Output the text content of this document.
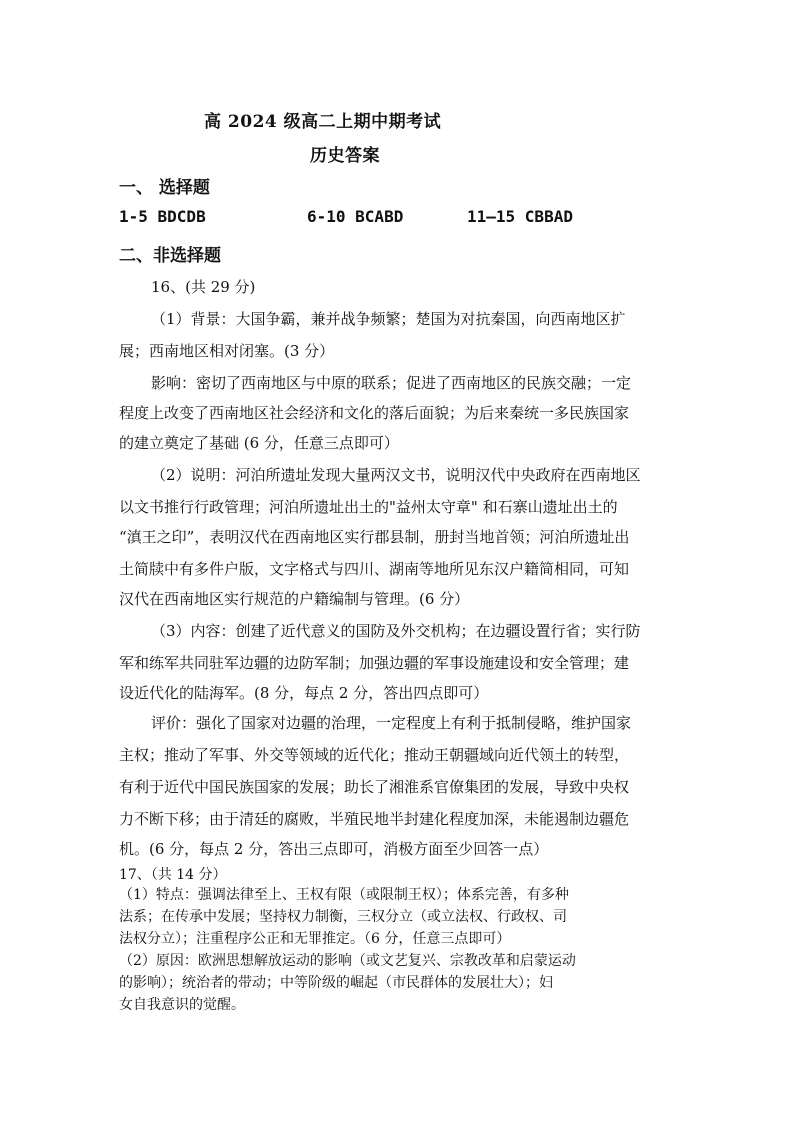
高 2024 级高二上期中期考试
历史答案
一、 选择题
1-5 BDCDB	6-10 BCABD	11—15 CBBAD
二、非选择题
16、(共 29 分)
（1）背景：大国争霸，兼并战争频繁；楚国为对抗秦国，向西南地区扩
展；西南地区相对闭塞。(3 分）
影响：密切了西南地区与中原的联系；促进了西南地区的民族交融；一定
程度上改变了西南地区社会经济和文化的落后面貌；为后来秦统一多民族国家
的建立奠定了基础 (6 分，任意三点即可）
（2）说明：河泊所遗址发现大量两汉文书，说明汉代中央政府在西南地区
以文书推行行政管理；河泊所遗址出土的"益州太守章" 和石寨山遗址出土的
“滇王之印”，表明汉代在西南地区实行郡县制，册封当地首领；河泊所遗址出
土简牍中有多件户版，文字格式与四川、湖南等地所见东汉户籍简相同，可知
汉代在西南地区实行规范的户籍编制与管理。(6 分）
（3）内容：创建了近代意义的国防及外交机构；在边疆设置行省；实行防
军和练军共同驻军边疆的边防军制；加强边疆的军事设施建设和安全管理；建
设近代化的陆海军。(8 分，每点 2 分，答出四点即可）
评价：强化了国家对边疆的治理，一定程度上有利于抵制侵略，维护国家
主权；推动了军事、外交等领域的近代化；推动王朝疆域向近代领土的转型，
有利于近代中国民族国家的发展；助长了湘淮系官僚集团的发展，导致中央权
力不断下移；由于清廷的腐败，半殖民地半封建化程度加深，未能遏制边疆危
机。(6 分，每点 2 分，答出三点即可，消极方面至少回答一点）
17、（共 14 分）
（1）特点：强调法律至上、王权有限（或限制王权）；体系完善，有多种
法系；在传承中发展；坚持权力制衡，三权分立（或立法权、行政权、司
法权分立）；注重程序公正和无罪推定。（6 分，任意三点即可）
（2）原因：欧洲思想解放运动的影响（或文艺复兴、宗教改革和启蒙运动
的影响）；统治者的带动；中等阶级的崛起（市民群体的发展壮大）；妇
女自我意识的觉醒。
